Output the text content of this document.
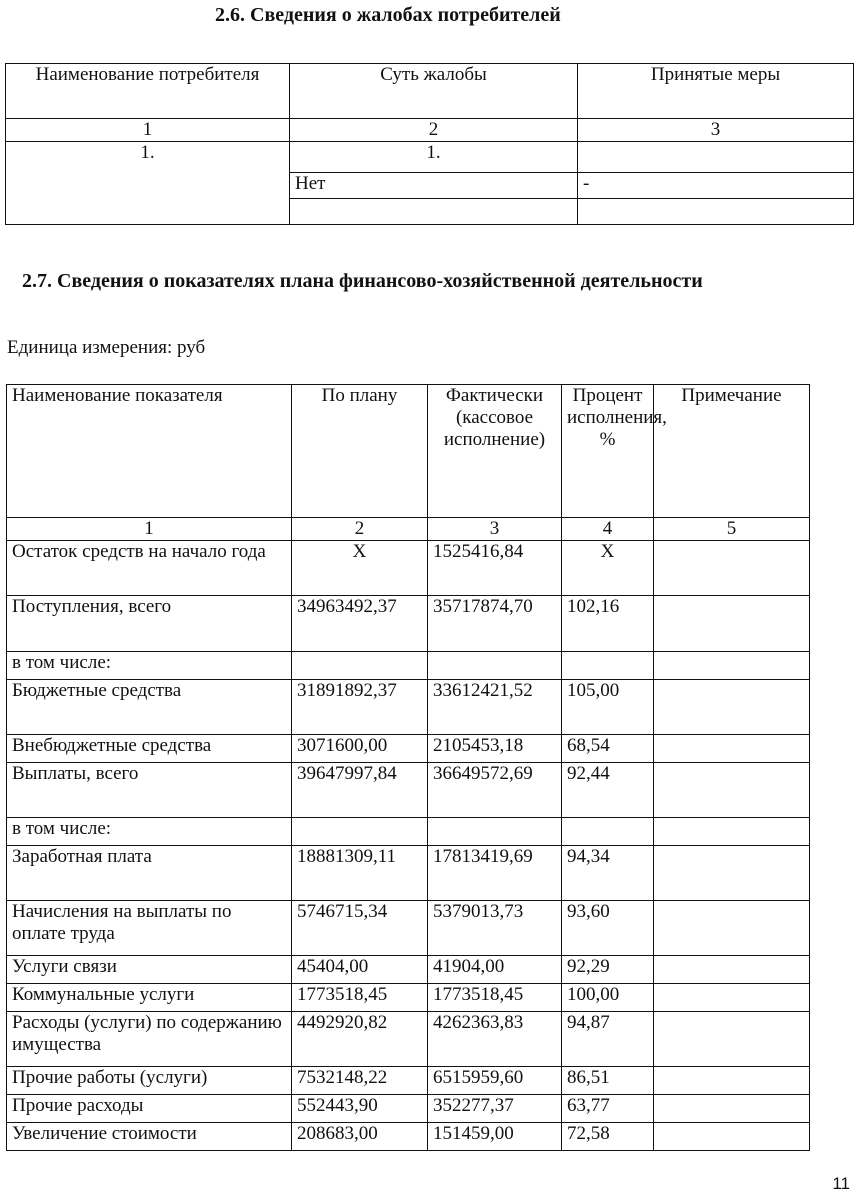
2.6. Сведения о жалобах потребителей
Наименование потребителя	Суть жалобы	Принятые меры
1	2	3
1.	1.	
	Нет	-

2.7. Сведения о показателях плана финансово-хозяйственной деятельности
Единица измерения: руб
Наименование показателя	По плану	Фактически (кассовое исполнение)	Процент исполнения, %	Примечание
1	2	3	4	5
Остаток средств на начало года	Х	1525416,84	Х	
Поступления, всего	34963492,37	35717874,70	102,16	
в том числе:				
Бюджетные средства	31891892,37	33612421,52	105,00	
Внебюджетные средства	3071600,00	2105453,18	68,54	
Выплаты, всего	39647997,84	36649572,69	92,44	
в том числе:				
Заработная плата	18881309,11	17813419,69	94,34	
Начисления на выплаты по оплате труда	5746715,34	5379013,73	93,60	
Услуги связи	45404,00	41904,00	92,29	
Коммунальные услуги	1773518,45	1773518,45	100,00	
Расходы (услуги) по содержанию имущества	4492920,82	4262363,83	94,87	
Прочие работы (услуги)	7532148,22	6515959,60	86,51	
Прочие расходы	552443,90	352277,37	63,77	
Увеличение стоимости	208683,00	151459,00	72,58	
11
